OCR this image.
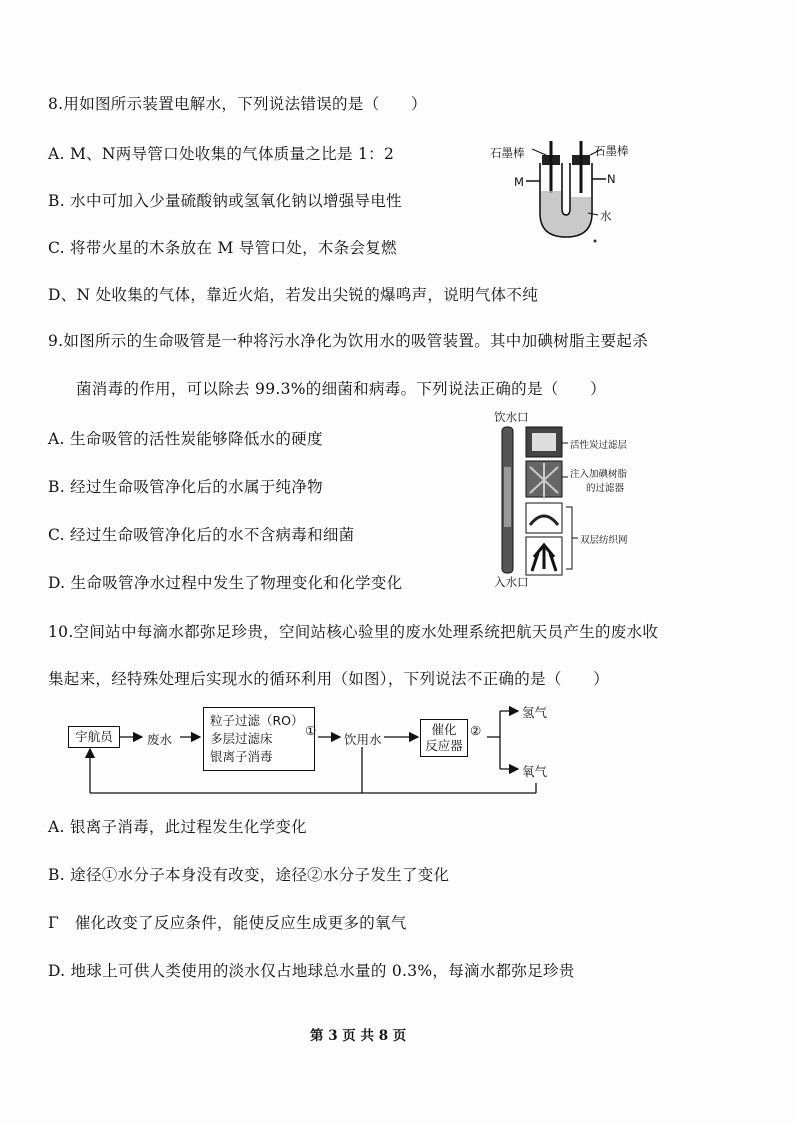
8.用如图所示装置电解水，下列说法错误的是（　　）
A. M、N两导管口处收集的气体质量之比是 1：2
B. 水中可加入少量硫酸钠或氢氧化钠以增强导电性
C. 将带火星的木条放在 M 导管口处，木条会复燃
D、N 处收集的气体，靠近火焰，若发出尖锐的爆鸣声，说明气体不纯
石墨棒	石墨棒
M	N
水
9.如图所示的生命吸管是一种将污水净化为饮用水的吸管装置。其中加碘树脂主要起杀
菌消毒的作用，可以除去 99.3%的细菌和病毒。下列说法正确的是（　　）
A. 生命吸管的活性炭能够降低水的硬度
B. 经过生命吸管净化后的水属于纯净物
C. 经过生命吸管净化后的水不含病毒和细菌
D. 生命吸管净水过程中发生了物理变化和化学变化
饮水口
入水口
活性炭过滤层
注入加碘树脂
的过滤器
双层纺织网
10.空间站中每滴水都弥足珍贵，空间站核心验里的废水处理系统把航天员产生的废水收
集起来，经特殊处理后实现水的循环利用（如图），下列说法不正确的是（　　）
宇航员	废水
粒子过滤（RO）
多层过滤床
银离子消毒
①
饮用水
催化
反应器
②
氢气
氧气
A. 银离子消毒，此过程发生化学变化
B. 途径①水分子本身没有改变，途径②水分子发生了变化
Γ　催化改变了反应条件，能使反应生成更多的氧气
D. 地球上可供人类使用的淡水仅占地球总水量的 0.3%，每滴水都弥足珍贵
第 3 页 共 8 页
